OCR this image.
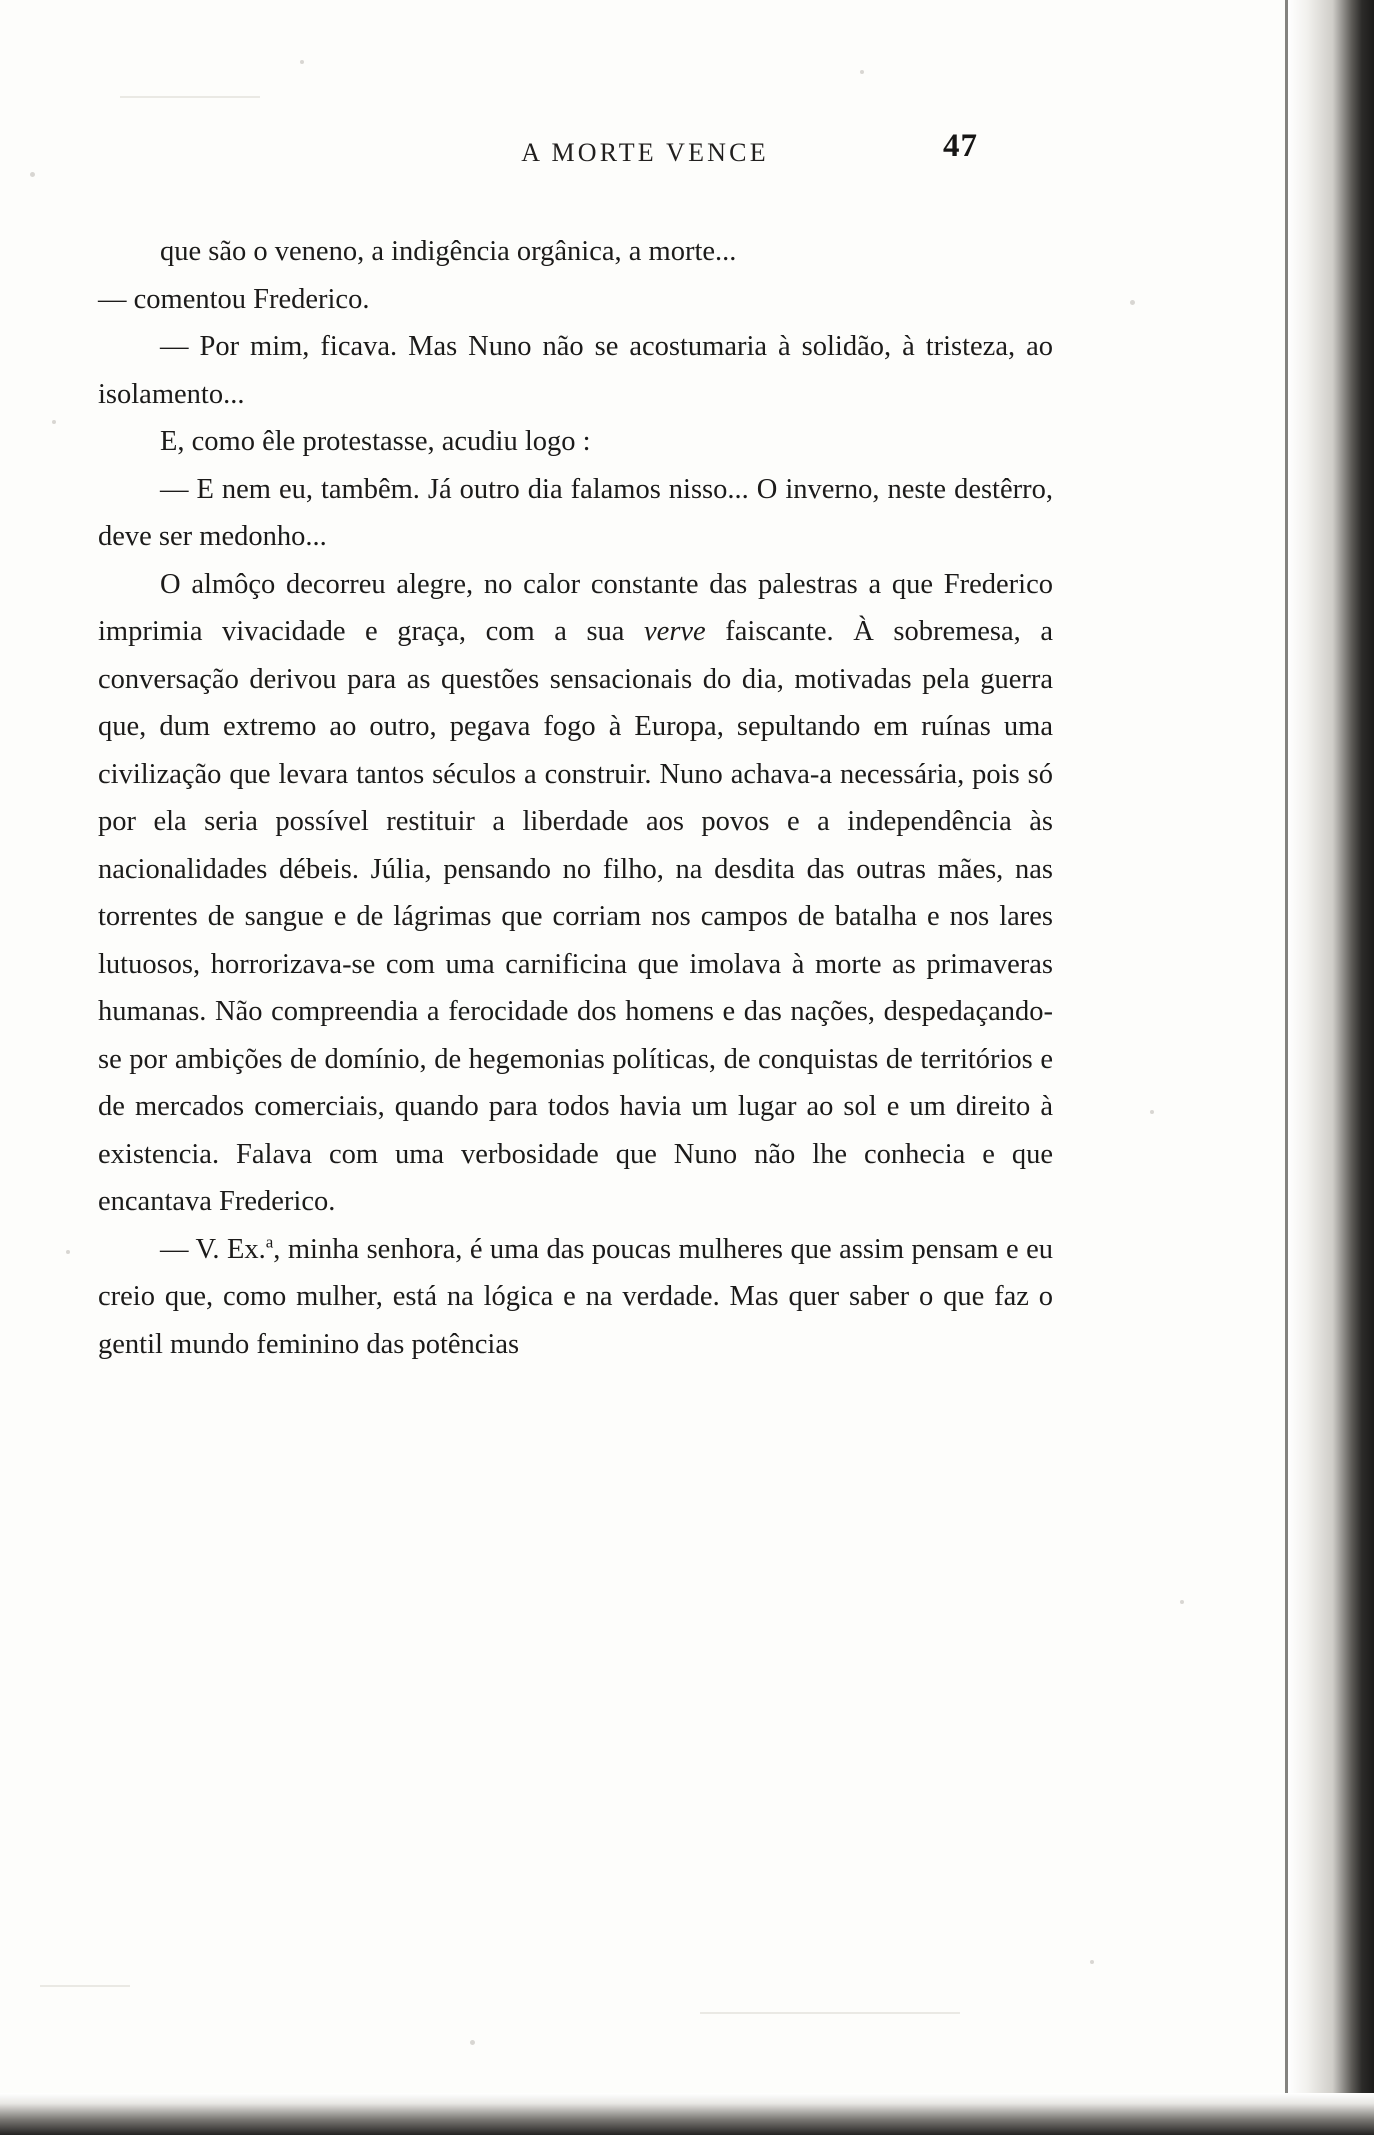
A MORTE VENCE	47

que são o veneno, a indigência orgânica, a morte...

— comentou Frederico.

— Por mim, ficava. Mas Nuno não se acostumaria à solidão, à tristeza, ao isolamento...

E, como êle protestasse, acudiu logo :

— E nem eu, tambêm. Já outro dia falamos nisso... O inverno, neste destêrro, deve ser medonho...

O almôço decorreu alegre, no calor constante das palestras a que Frederico imprimia vivacidade e graça, com a sua verve faiscante. À sobremesa, a conversação derivou para as questões sensacionais do dia, motivadas pela guerra que, dum extremo ao outro, pegava fogo à Europa, sepultando em ruínas uma civilização que levara tantos séculos a construir. Nuno achava-a necessária, pois só por ela seria possível restituir a liberdade aos povos e a independência às nacionalidades débeis. Júlia, pensando no filho, na desdita das outras mães, nas torrentes de sangue e de lágrimas que corriam nos campos de batalha e nos lares lutuosos, horrorizava-se com uma carnificina que imolava à morte as primaveras humanas. Não compreendia a ferocidade dos homens e das nações, despedaçando-se por ambições de domínio, de hegemonias políticas, de conquistas de territórios e de mercados comerciais, quando para todos havia um lugar ao sol e um direito à existencia. Falava com uma verbosidade que Nuno não lhe conhecia e que encantava Frederico.

— V. Ex.$^a$, minha senhora, é uma das poucas mulheres que assim pensam e eu creio que, como mulher, está na lógica e na verdade. Mas quer saber o que faz o gentil mundo feminino das potências
